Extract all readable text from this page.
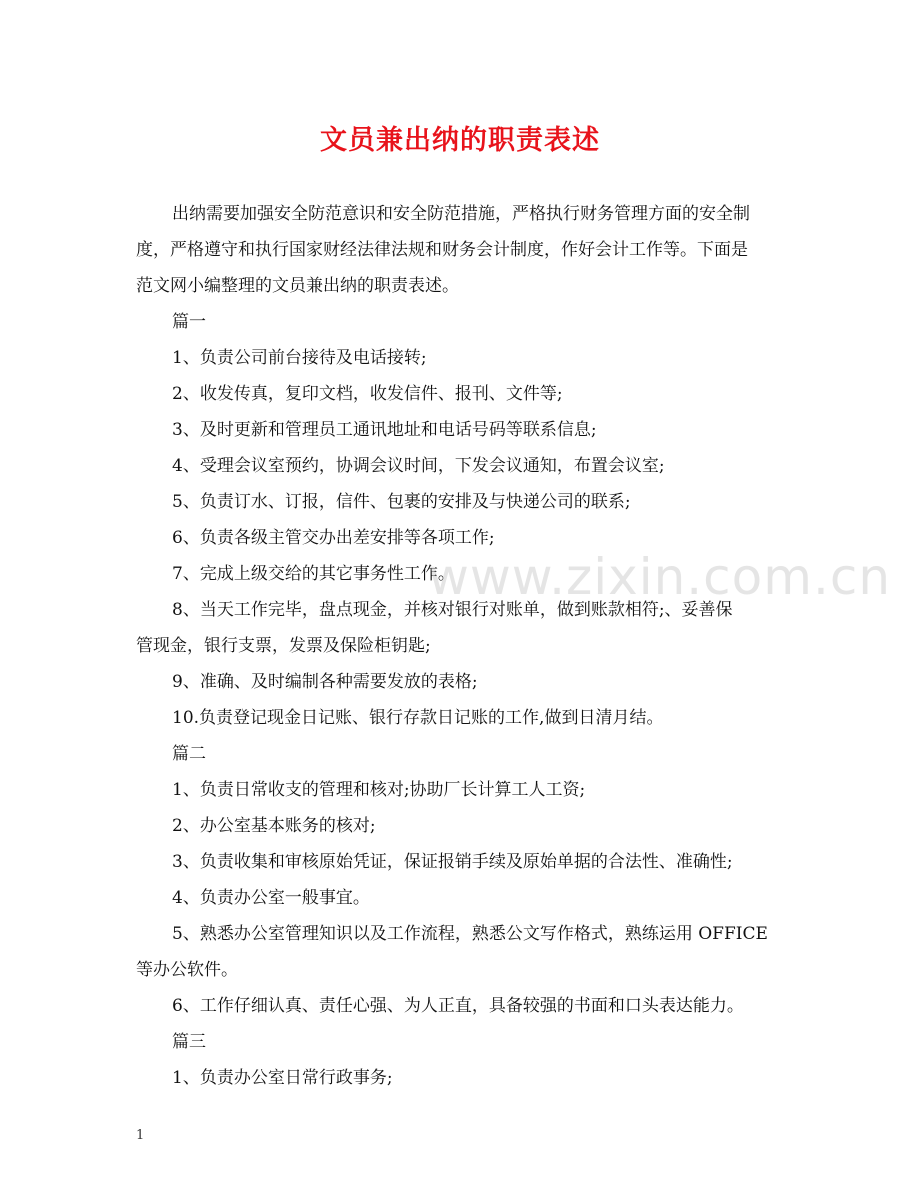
文员兼出纳的职责表述
出纳需要加强安全防范意识和安全防范措施，严格执行财务管理方面的安全制
度，严格遵守和执行国家财经法律法规和财务会计制度，作好会计工作等。下面是
范文网小编整理的文员兼出纳的职责表述。
篇一
1、负责公司前台接待及电话接转;
2、收发传真，复印文档，收发信件、报刊、文件等;
3、及时更新和管理员工通讯地址和电话号码等联系信息;
4、受理会议室预约，协调会议时间，下发会议通知，布置会议室;
5、负责订水、订报，信件、包裹的安排及与快递公司的联系;
6、负责各级主管交办出差安排等各项工作;
7、完成上级交给的其它事务性工作。
8、当天工作完毕，盘点现金，并核对银行对账单，做到账款相符;、妥善保
管现金，银行支票，发票及保险柜钥匙;
9、准确、及时编制各种需要发放的表格;
10.负责登记现金日记账、银行存款日记账的工作,做到日清月结。
篇二
1、负责日常收支的管理和核对;协助厂长计算工人工资;
2、办公室基本账务的核对;
3、负责收集和审核原始凭证，保证报销手续及原始单据的合法性、准确性;
4、负责办公室一般事宜。
5、熟悉办公室管理知识以及工作流程，熟悉公文写作格式，熟练运用 OFFICE
等办公软件。
6、工作仔细认真、责任心强、为人正直，具备较强的书面和口头表达能力。
篇三
1、负责办公室日常行政事务;
www.zixin.com.cn
1
